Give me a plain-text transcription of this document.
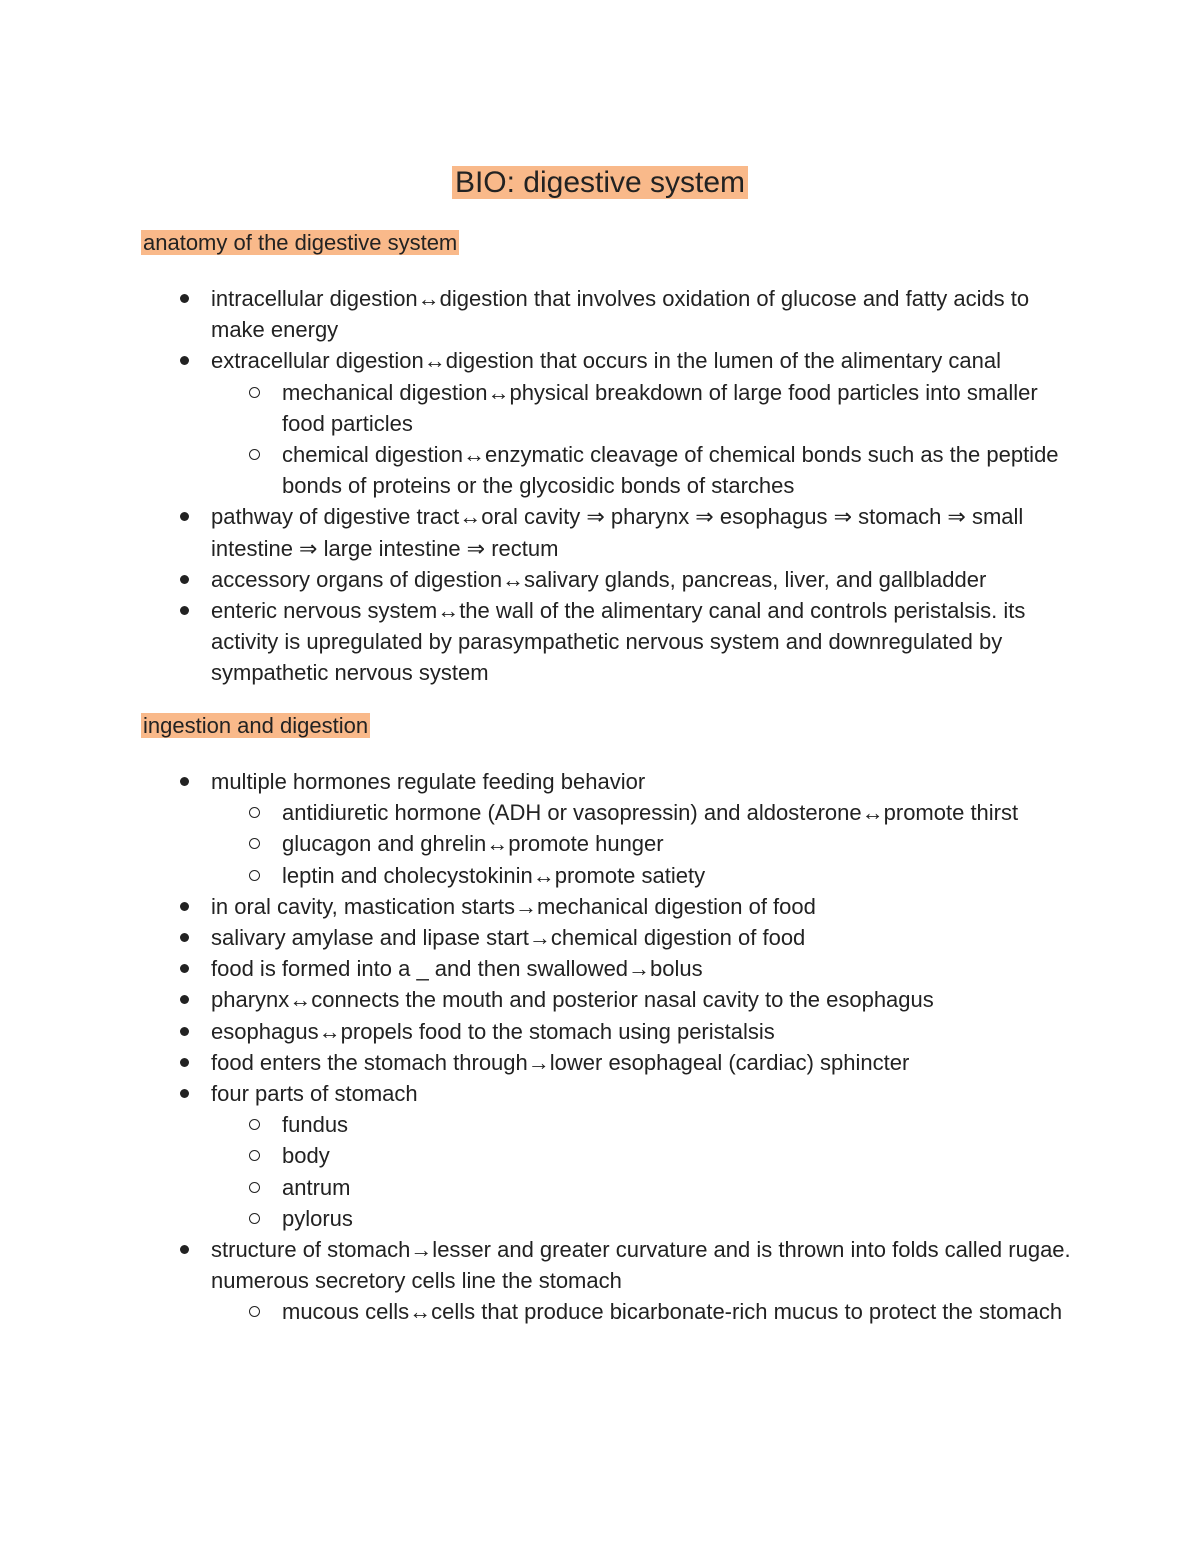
BIO: digestive system
anatomy of the digestive system
intracellular digestion↔digestion that involves oxidation of glucose and fatty acids to make energy
extracellular digestion↔digestion that occurs in the lumen of the alimentary canal
mechanical digestion↔physical breakdown of large food particles into smaller food particles
chemical digestion↔enzymatic cleavage of chemical bonds such as the peptide bonds of proteins or the glycosidic bonds of starches
pathway of digestive tract↔oral cavity ⇒ pharynx ⇒ esophagus ⇒ stomach ⇒ small intestine ⇒ large intestine ⇒ rectum
accessory organs of digestion↔salivary glands, pancreas, liver, and gallbladder
enteric nervous system↔the wall of the alimentary canal and controls peristalsis. its activity is upregulated by parasympathetic nervous system and downregulated by sympathetic nervous system
ingestion and digestion
multiple hormones regulate feeding behavior
antidiuretic hormone (ADH or vasopressin) and aldosterone↔promote thirst
glucagon and ghrelin↔promote hunger
leptin and cholecystokinin↔promote satiety
in oral cavity, mastication starts→mechanical digestion of food
salivary amylase and lipase start→chemical digestion of food
food is formed into a _ and then swallowed→bolus
pharynx↔connects the mouth and posterior nasal cavity to the esophagus
esophagus↔propels food to the stomach using peristalsis
food enters the stomach through→lower esophageal (cardiac) sphincter
four parts of stomach
fundus
body
antrum
pylorus
structure of stomach→lesser and greater curvature and is thrown into folds called rugae. numerous secretory cells line the stomach
mucous cells↔cells that produce bicarbonate-rich mucus to protect the stomach
